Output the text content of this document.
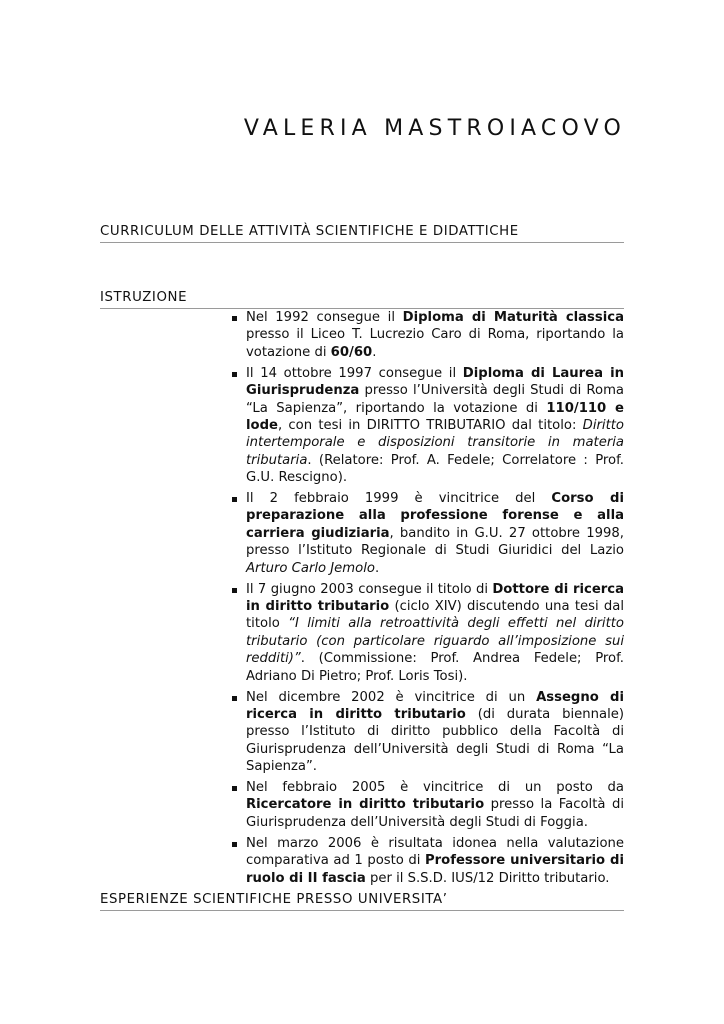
VALERIA MASTROIACOVO
CURRICULUM DELLE ATTIVITÀ SCIENTIFICHE E DIDATTICHE
ISTRUZIONE
Nel 1992 consegue il Diploma di Maturità classica presso il Liceo T. Lucrezio Caro di Roma, riportando la votazione di 60/60.
Il 14 ottobre 1997 consegue il Diploma di Laurea in Giurisprudenza presso l’Università degli Studi di Roma “La Sapienza”, riportando la votazione di 110/110 e lode, con tesi in DIRITTO TRIBUTARIO dal titolo: Diritto intertemporale e disposizioni transitorie in materia tributaria. (Relatore: Prof. A. Fedele; Correlatore : Prof. G.U. Rescigno).
Il 2 febbraio 1999 è vincitrice del Corso di preparazione alla professione forense e alla carriera giudiziaria, bandito in G.U. 27 ottobre 1998, presso l’Istituto Regionale di Studi Giuridici del Lazio Arturo Carlo Jemolo.
Il 7 giugno 2003 consegue il titolo di Dottore di ricerca in diritto tributario (ciclo XIV) discutendo una tesi dal titolo “I limiti alla retroattività degli effetti nel diritto tributario (con particolare riguardo all’imposizione sui redditi)”. (Commissione: Prof. Andrea Fedele; Prof. Adriano Di Pietro; Prof. Loris Tosi).
Nel dicembre 2002 è vincitrice di un Assegno di ricerca in diritto tributario (di durata biennale) presso l’Istituto di diritto pubblico della Facoltà di Giurisprudenza dell’Università degli Studi di Roma “La Sapienza”.
Nel febbraio 2005 è vincitrice di un posto da Ricercatore in diritto tributario presso la Facoltà di Giurisprudenza dell’Università degli Studi di Foggia.
Nel marzo 2006 è risultata idonea nella valutazione comparativa ad 1 posto di Professore universitario di ruolo di II fascia per il S.S.D. IUS/12 Diritto tributario.
ESPERIENZE SCIENTIFICHE PRESSO UNIVERSITA’
